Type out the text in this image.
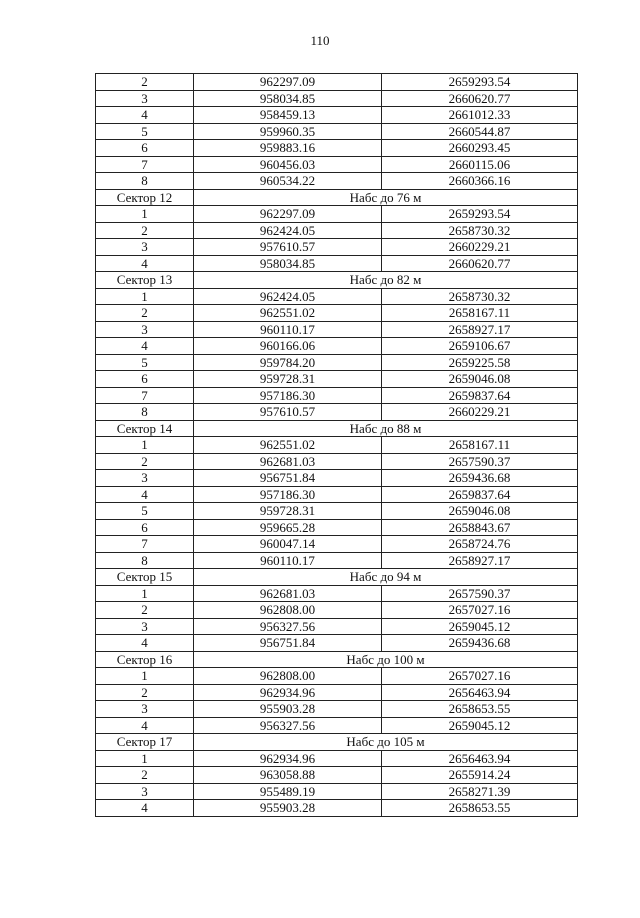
110
2	962297.09	2659293.54
3	958034.85	2660620.77
4	958459.13	2661012.33
5	959960.35	2660544.87
6	959883.16	2660293.45
7	960456.03	2660115.06
8	960534.22	2660366.16
Сектор 12	Набс до 76 м	
1	962297.09	2659293.54
2	962424.05	2658730.32
3	957610.57	2660229.21
4	958034.85	2660620.77
Сектор 13	Набс до 82 м	
1	962424.05	2658730.32
2	962551.02	2658167.11
3	960110.17	2658927.17
4	960166.06	2659106.67
5	959784.20	2659225.58
6	959728.31	2659046.08
7	957186.30	2659837.64
8	957610.57	2660229.21
Сектор 14	Набс до 88 м	
1	962551.02	2658167.11
2	962681.03	2657590.37
3	956751.84	2659436.68
4	957186.30	2659837.64
5	959728.31	2659046.08
6	959665.28	2658843.67
7	960047.14	2658724.76
8	960110.17	2658927.17
Сектор 15	Набс до 94 м	
1	962681.03	2657590.37
2	962808.00	2657027.16
3	956327.56	2659045.12
4	956751.84	2659436.68
Сектор 16	Набс до 100 м	
1	962808.00	2657027.16
2	962934.96	2656463.94
3	955903.28	2658653.55
4	956327.56	2659045.12
Сектор 17	Набс до 105 м	
1	962934.96	2656463.94
2	963058.88	2655914.24
3	955489.19	2658271.39
4	955903.28	2658653.55
